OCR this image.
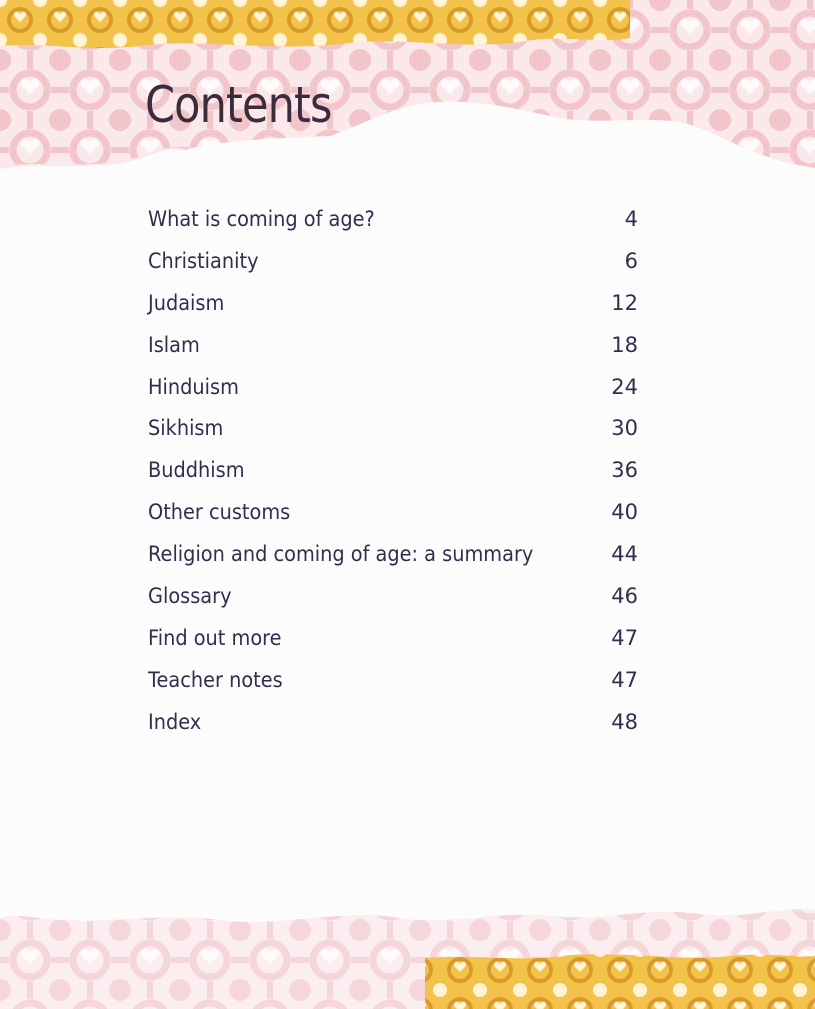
Contents
What is coming of age?	4
Christianity	6
Judaism	12
Islam	18
Hinduism	24
Sikhism	30
Buddhism	36
Other customs	40
Religion and coming of age: a summary	44
Glossary	46
Find out more	47
Teacher notes	47
Index	48
